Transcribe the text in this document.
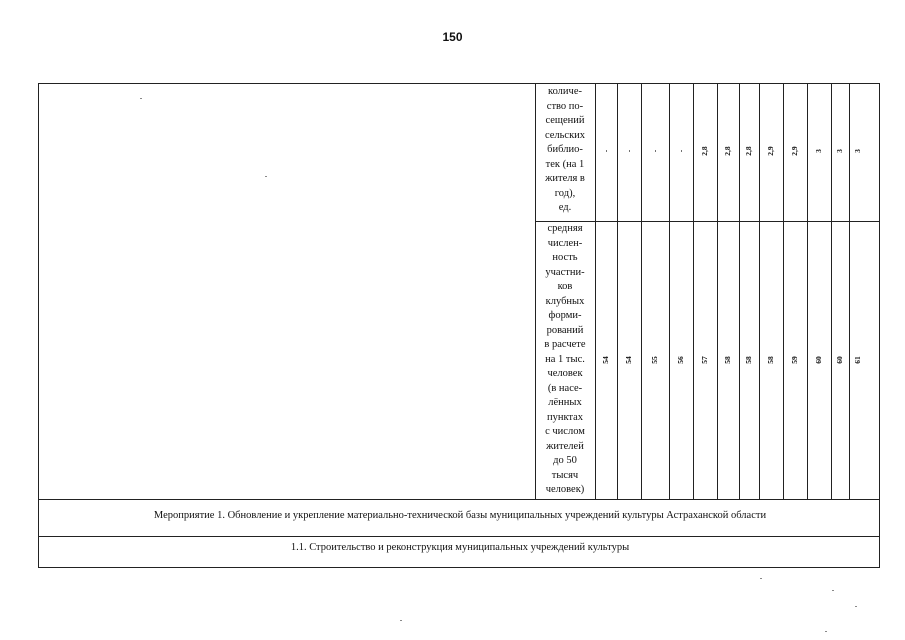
150
количе-
ство по-
сещений
сельских
библио-
тек (на 1
жителя в
год),
ед.
- - - - 2,8 2,8 2,8 2,9 2,9 3 3 3
средняя
числен-
ность
участни-
ков
клубных
форми-
рований
в расчете
на 1 тыс.
человек
(в насе-
лённых
пунктах
с числом
жителей
до 50
тысяч
человек)
54 54 55 56 57 58 58 58 59 60 60 61
Мероприятие 1. Обновление и укрепление материально-технической базы муниципальных учреждений культуры Астраханской области
1.1. Строительство и реконструкция муниципальных учреждений культуры
